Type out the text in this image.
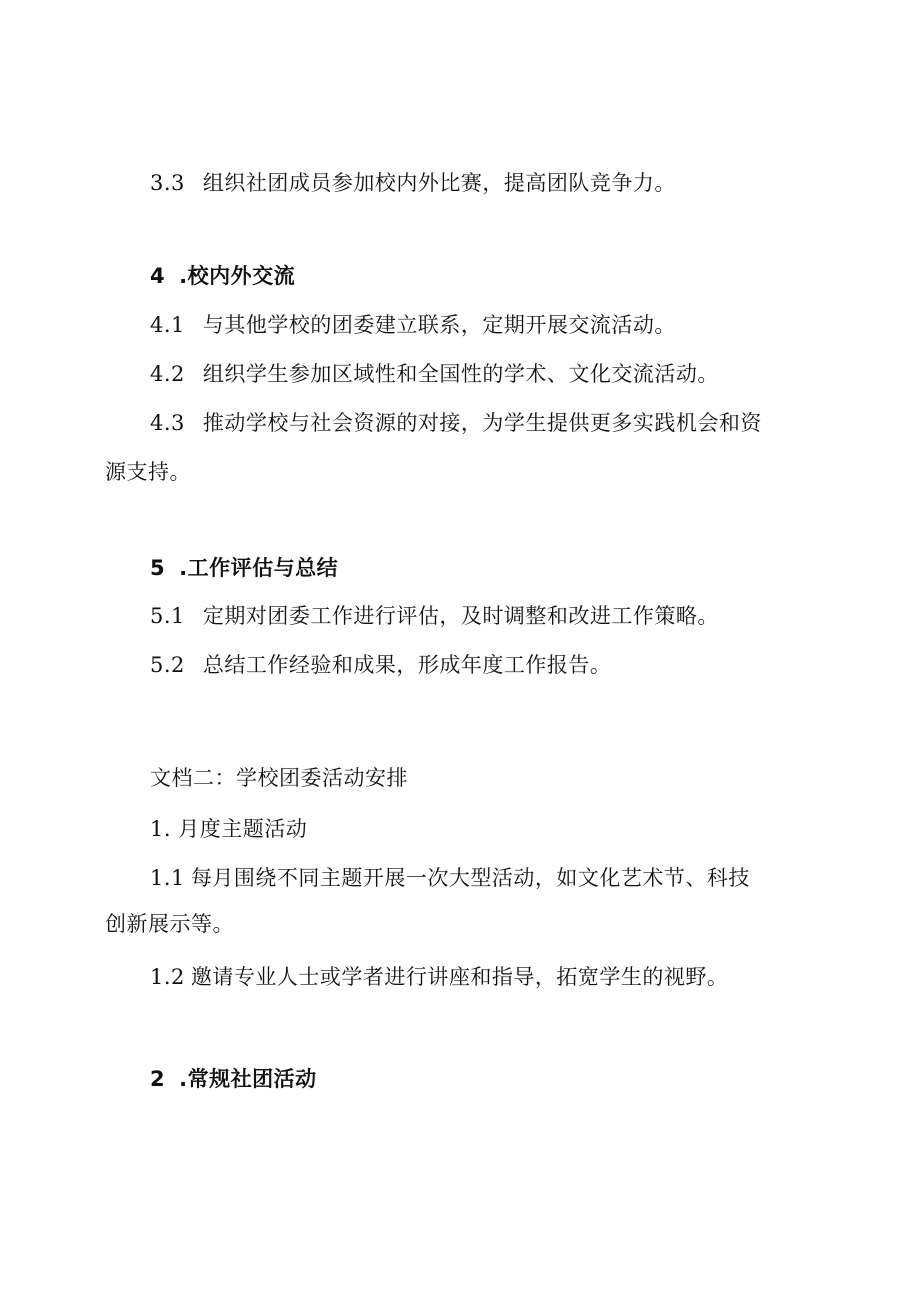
3.3 组织社团成员参加校内外比赛，提高团队竞争力。
4 .校内外交流
4.1 与其他学校的团委建立联系，定期开展交流活动。
4.2 组织学生参加区域性和全国性的学术、文化交流活动。
4.3 推动学校与社会资源的对接，为学生提供更多实践机会和资
源支持。
5 .工作评估与总结
5.1 定期对团委工作进行评估，及时调整和改进工作策略。
5.2 总结工作经验和成果，形成年度工作报告。
文档二：学校团委活动安排
1. 月度主题活动
1.1 每月围绕不同主题开展一次大型活动，如文化艺术节、科技
创新展示等。
1.2 邀请专业人士或学者进行讲座和指导，拓宽学生的视野。
2 .常规社团活动
